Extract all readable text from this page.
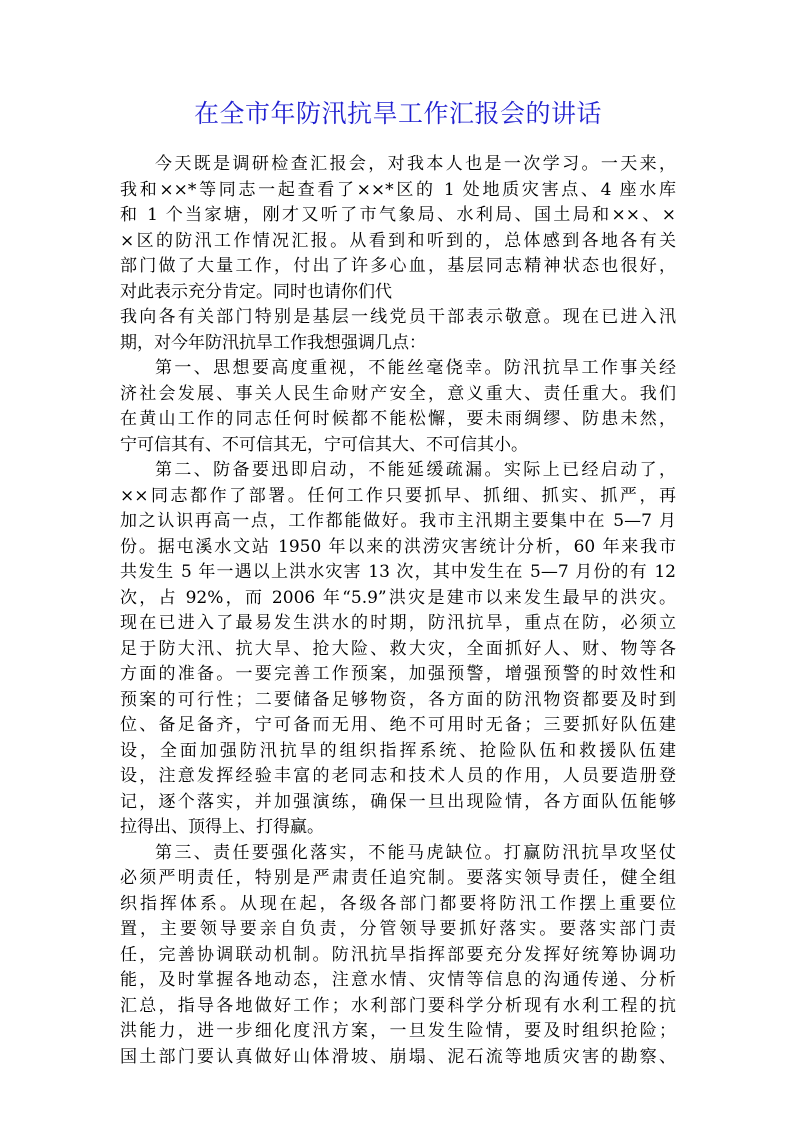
在全市年防汛抗旱工作汇报会的讲话
今天既是调研检查汇报会，对我本人也是一次学习。一天来，
我和××*等同志一起查看了××*区的 1 处地质灾害点、4 座水库
和 1 个当家塘，刚才又听了市气象局、水利局、国土局和××、×
×区的防汛工作情况汇报。从看到和听到的，总体感到各地各有关
部门做了大量工作，付出了许多心血，基层同志精神状态也很好，
对此表示充分肯定。同时也请你们代
我向各有关部门特别是基层一线党员干部表示敬意。现在已进入汛
期，对今年防汛抗旱工作我想强调几点：
第一、思想要高度重视，不能丝毫侥幸。防汛抗旱工作事关经
济社会发展、事关人民生命财产安全，意义重大、责任重大。我们
在黄山工作的同志任何时候都不能松懈，要未雨绸缪、防患未然，
宁可信其有、不可信其无，宁可信其大、不可信其小。
第二、防备要迅即启动，不能延缓疏漏。实际上已经启动了，
××同志都作了部署。任何工作只要抓早、抓细、抓实、抓严，再
加之认识再高一点，工作都能做好。我市主汛期主要集中在 5—7 月
份。据屯溪水文站 1950 年以来的洪涝灾害统计分析，60 年来我市
共发生 5 年一遇以上洪水灾害 13 次，其中发生在 5—7 月份的有 12
次，占 92%，而 2006 年“5.9”洪灾是建市以来发生最早的洪灾。
现在已进入了最易发生洪水的时期，防汛抗旱，重点在防，必须立
足于防大汛、抗大旱、抢大险、救大灾，全面抓好人、财、物等各
方面的准备。一要完善工作预案，加强预警，增强预警的时效性和
预案的可行性；二要储备足够物资，各方面的防汛物资都要及时到
位、备足备齐，宁可备而无用、绝不可用时无备；三要抓好队伍建
设，全面加强防汛抗旱的组织指挥系统、抢险队伍和救援队伍建
设，注意发挥经验丰富的老同志和技术人员的作用，人员要造册登
记，逐个落实，并加强演练，确保一旦出现险情，各方面队伍能够
拉得出、顶得上、打得赢。
第三、责任要强化落实，不能马虎缺位。打赢防汛抗旱攻坚仗
必须严明责任，特别是严肃责任追究制。要落实领导责任，健全组
织指挥体系。从现在起，各级各部门都要将防汛工作摆上重要位
置，主要领导要亲自负责，分管领导要抓好落实。要落实部门责
任，完善协调联动机制。防汛抗旱指挥部要充分发挥好统筹协调功
能，及时掌握各地动态，注意水情、灾情等信息的沟通传递、分析
汇总，指导各地做好工作；水利部门要科学分析现有水利工程的抗
洪能力，进一步细化度汛方案，一旦发生险情，要及时组织抢险；
国土部门要认真做好山体滑坡、崩塌、泥石流等地质灾害的勘察、
